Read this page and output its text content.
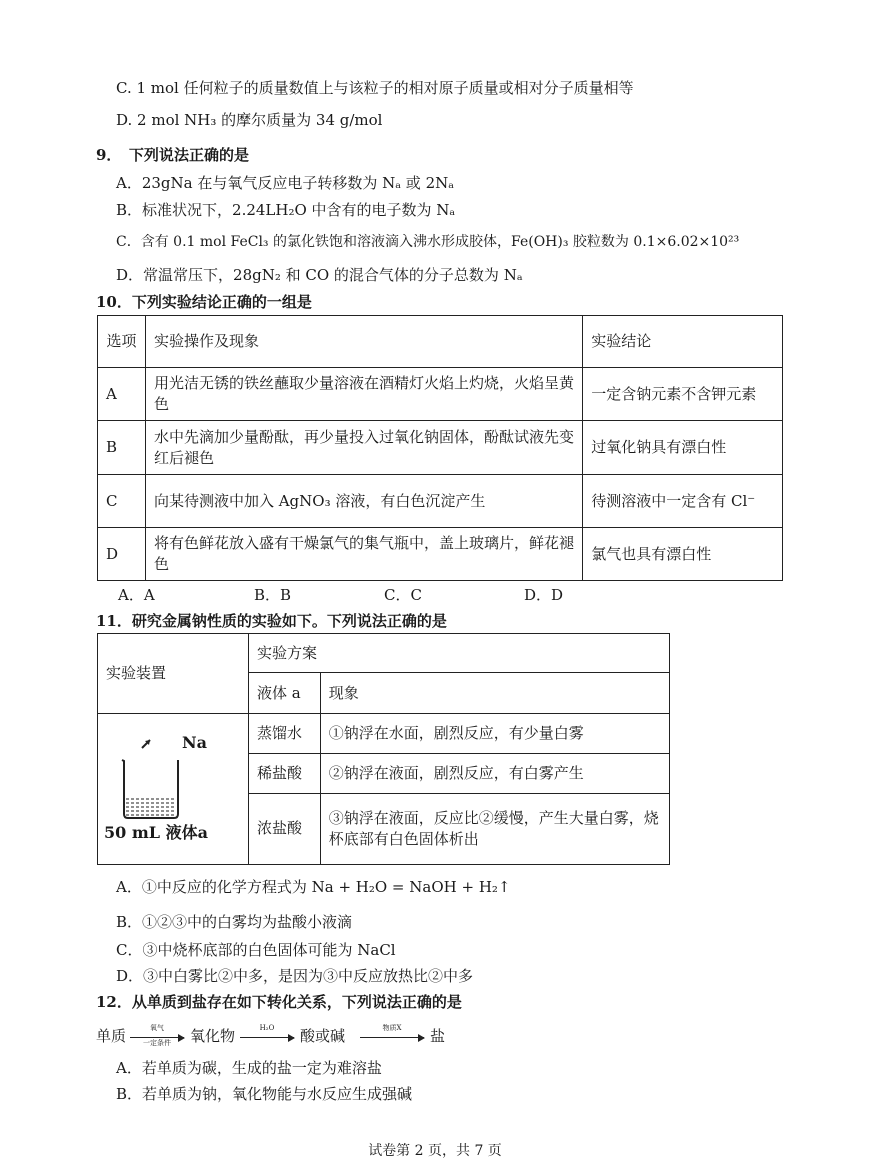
C. 1 mol 任何粒子的质量数值上与该粒子的相对原子质量或相对分子质量相等
D. 2 mol NH₃ 的摩尔质量为 34 g/mol
9．　下列说法正确的是
A．23gNa 在与氧气反应电子转移数为 Nₐ 或 2Nₐ
B．标准状况下，2.24LH₂O 中含有的电子数为 Nₐ
C．含有 0.1 mol FeCl₃ 的氯化铁饱和溶液滴入沸水形成胶体，Fe(OH)₃ 胶粒数为 0.1×6.02×10²³
D．常温常压下，28gN₂ 和 CO 的混合气体的分子总数为 Nₐ
10．下列实验结论正确的一组是
选项	实验操作及现象	实验结论
A	用光洁无锈的铁丝蘸取少量溶液在酒精灯火焰上灼烧，火焰呈黄色	一定含钠元素不含钾元素
B	水中先滴加少量酚酞，再少量投入过氧化钠固体，酚酞试液先变红后褪色	过氧化钠具有漂白性
C	向某待测液中加入 AgNO₃ 溶液，有白色沉淀产生	待测溶液中一定含有 Cl⁻
D	将有色鲜花放入盛有干燥氯气的集气瓶中，盖上玻璃片，鲜花褪色	氯气也具有漂白性
A．A	B．B	C．C	D．D
11．研究金属钠性质的实验如下。下列说法正确的是
实验装置	实验方案	
	液体 a	现象

Na
50 mL 液体a	蒸馏水	①钠浮在水面，剧烈反应，有少量白雾
	稀盐酸	②钠浮在液面，剧烈反应，有白雾产生
	浓盐酸	③钠浮在液面，反应比②缓慢，产生大量白雾，烧杯底部有白色固体析出
A．①中反应的化学方程式为 Na + H₂O = NaOH + H₂↑
B．①②③中的白雾均为盐酸小液滴
C．③中烧杯底部的白色固体可能为 NaCl
D．③中白雾比②中多，是因为③中反应放热比②中多
12．从单质到盐存在如下转化关系，下列说法正确的是
单质	氧气
一定条件	氧化物	H₂O	酸或碱	物质X	盐
A．若单质为碳，生成的盐一定为难溶盐
B．若单质为钠，氧化物能与水反应生成强碱
试卷第 2 页，共 7 页
